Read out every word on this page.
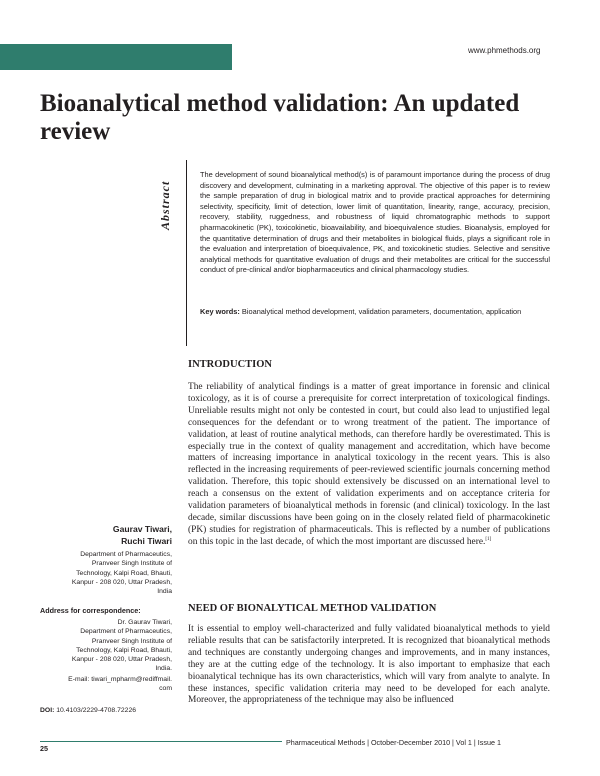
Review Article
www.phmethods.org
Bioanalytical method validation: An updated review
Abstract

The development of sound bioanalytical method(s) is of paramount importance during the process of drug discovery and development, culminating in a marketing approval. The objective of this paper is to review the sample preparation of drug in biological matrix and to provide practical approaches for determining selectivity, specificity, limit of detection, lower limit of quantitation, linearity, range, accuracy, precision, recovery, stability, ruggedness, and robustness of liquid chromatographic methods to support pharmacokinetic (PK), toxicokinetic, bioavailability, and bioequivalence studies. Bioanalysis, employed for the quantitative determination of drugs and their metabolites in biological fluids, plays a significant role in the evaluation and interpretation of bioequivalence, PK, and toxicokinetic studies. Selective and sensitive analytical methods for quantitative evaluation of drugs and their metabolites are critical for the successful conduct of pre-clinical and/or biopharmaceutics and clinical pharmacology studies.

Key words: Bioanalytical method development, validation parameters, documentation, application

INTRODUCTION

The reliability of analytical findings is a matter of great importance in forensic and clinical toxicology, as it is of course a prerequisite for correct interpretation of toxicological findings. Unreliable results might not only be contested in court, but could also lead to unjustified legal consequences for the defendant or to wrong treatment of the patient. The importance of validation, at least of routine analytical methods, can therefore hardly be overestimated. This is especially true in the context of quality management and accreditation, which have become matters of increasing importance in analytical toxicology in the recent years. This is also reflected in the increasing requirements of peer-reviewed scientific journals concerning method validation. Therefore, this topic should extensively be discussed on an international level to reach a consensus on the extent of validation experiments and on acceptance criteria for validation parameters of bioanalytical methods in forensic (and clinical) toxicology. In the last decade, similar discussions have been going on in the closely related field of pharmacokinetic (PK) studies for registration of pharmaceuticals. This is reflected by a number of publications on this topic in the last decade, of which the most important are discussed here.[1]

NEED OF BIONALYTICAL METHOD VALIDATION

It is essential to employ well-characterized and fully validated bioanalytical methods to yield reliable results that can be satisfactorily interpreted. It is recognized that bioanalytical methods and techniques are constantly undergoing changes and improvements, and in many instances, they are at the cutting edge of the technology. It is also important to emphasize that each bioanalytical technique has its own characteristics, which will vary from analyte to analyte. In these instances, specific validation criteria may need to be developed for each analyte. Moreover, the appropriateness of the technique may also be influenced

Gaurav Tiwari,
Ruchi Tiwari
Department of Pharmaceutics,
Pranveer Singh Institute of
Technology, Kalpi Road, Bhauti,
Kanpur - 208 020, Uttar Pradesh,
India
Address for correspondence:
Dr. Gaurav Tiwari,
Department of Pharmaceutics,
Pranveer Singh Institute of
Technology, Kalpi Road, Bhauti,
Kanpur - 208 020, Uttar Pradesh,
India.
E-mail: tiwari_mpharm@rediffmail.
com
DOI: 10.4103/2229-4708.72226
Pharmaceutical Methods | October-December 2010 | Vol 1 | Issue 1
25
